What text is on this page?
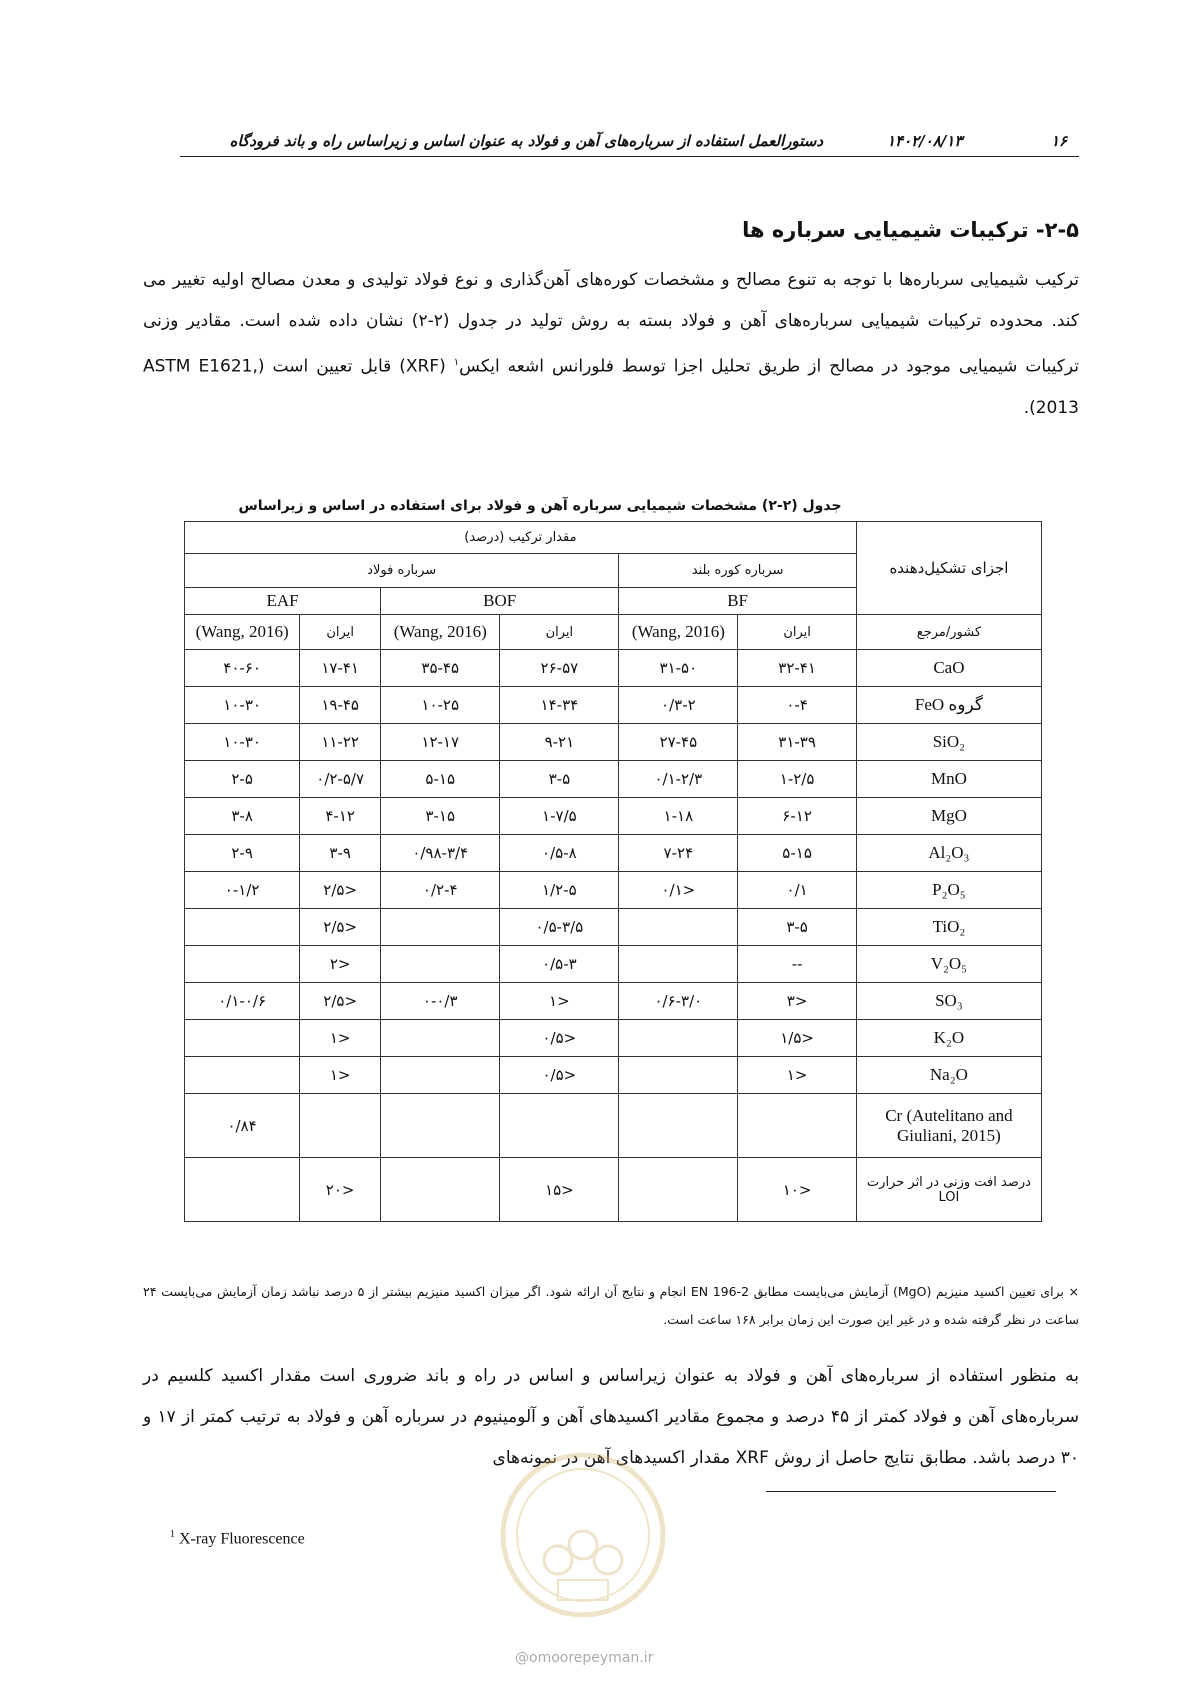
۱۶
۱۴۰۲/۰۸/۱۳
دستورالعمل استفاده از سرباره‌های آهن و فولاد به عنوان اساس و زیراساس راه و باند فرودگاه
۲-۵- ترکیبات شیمیایی سرباره ها
ترکیب شیمیایی سرباره‌ها با توجه به تنوع مصالح و مشخصات کوره‌های آهن‌گذاری و نوع فولاد تولیدی و معدن مصالح اولیه تغییر می کند. محدوده ترکیبات شیمیایی سرباره‌های آهن و فولاد بسته به روش تولید در جدول (۲-۲) نشان داده شده است. مقادیر وزنی ترکیبات شیمیایی موجود در مصالح از طریق تحلیل اجزا توسط فلورانس اشعه ایکس$^۱$ (XRF) قابل تعیین است (ASTM E1621, 2013).
جدول (۲-۲) مشخصات شیمیایی سرباره آهن و فولاد برای استفاده در اساس و زیراساس
اجزای تشکیل‌دهنده	مقدار ترکیب (درصد)					
	سرباره کوره بلند		سرباره فولاد			
	BF		BOF		EAF	
کشور/مرجع	ایران	(Wang, 2016)	ایران	(Wang, 2016)	ایران	(Wang, 2016)
CaO	۳۲-۴۱	۳۱-۵۰	۲۶-۵۷	۳۵-۴۵	۱۷-۴۱	۴۰-۶۰
گروه FeO	۰-۴	۰/۳-۲	۱۴-۳۴	۱۰-۲۵	۱۹-۴۵	۱۰-۳۰
SiO₂	۳۱-۳۹	۲۷-۴۵	۹-۲۱	۱۲-۱۷	۱۱-۲۲	۱۰-۳۰
MnO	۱-۲/۵	۰/۱-۲/۳	۳-۵	۵-۱۵	۰/۲-۵/۷	۲-۵
MgO	۶-۱۲	۱-۱۸	۱-۷/۵	۳-۱۵	۴-۱۲	۳-۸
Al₂O₃	۵-۱۵	۷-۲۴	۰/۵-۸	۰/۹۸-۳/۴	۳-۹	۲-۹
P₂O₅	۰/۱	<۰/۱	۱/۲-۵	۰/۲-۴	<۲/۵	۰-۱/۲
TiO₂	۳-۵		۰/۵-۳/۵		<۲/۵	
V₂O₅	--		۰/۵-۳		<۲	
SO₃	<۳	۰/۶-۳/۰	<۱	۰-۰/۳	<۲/۵	۰/۱-۰/۶
K₂O	<۱/۵		<۰/۵		<۱	
Na₂O	<۱		<۰/۵		<۱	
Cr (Autelitano and Giuliani, 2015)						۰/۸۴
درصد افت وزنی در اثر حرارت LOI	<۱۰		<۱۵		<۲۰	
× برای تعیین اکسید منیزیم (MgO) آزمایش می‌بایست مطابق EN 196-2 انجام و نتایج آن ارائه شود. اگر میزان اکسید منیزیم بیشتر از ۵ درصد نباشد زمان آزمایش می‌بایست ۲۴ ساعت در نظر گرفته شده و در غیر این صورت این زمان برابر ۱۶۸ ساعت است.
به منظور استفاده از سرباره‌های آهن و فولاد به عنوان زیراساس و اساس در راه و باند ضروری است مقدار اکسید کلسیم در سرباره‌های آهن و فولاد کمتر از ۴۵ درصد و مجموع مقادیر اکسیدهای آهن و آلومینیوم در سرباره آهن و فولاد به ترتیب کمتر از ۱۷ و ۳۰ درصد باشد. مطابق نتایج حاصل از روش XRF مقدار اکسیدهای آهن در نمونه‌های
$^1$ X-ray Fluorescence
@omoorepeyman.ir
